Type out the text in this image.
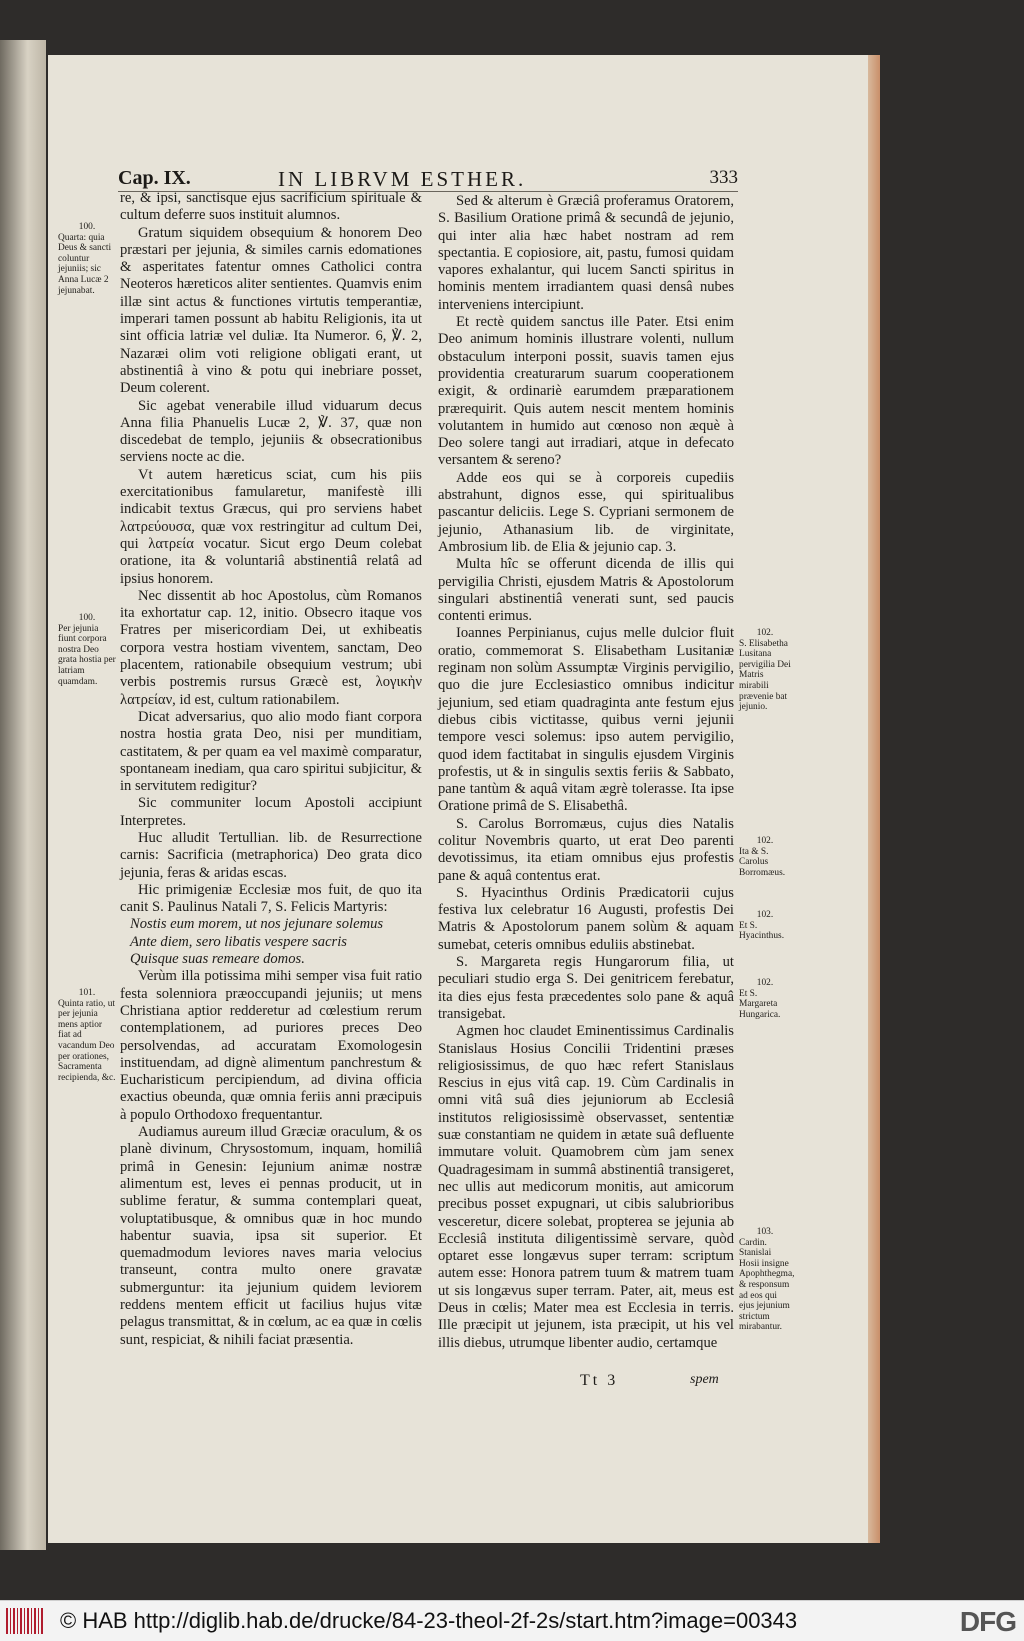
Cap. IX.	IN LIBRVM ESTHER.	333

re, & ipsi, sanctisque ejus sacrificium spirituale & cultum deferre suos instituit alumnos.

Gratum siquidem obsequium & honorem Deo præstari per jejunia, & similes carnis edomationes & asperitates fatentur omnes Catholici contra Neoteros hæreticos aliter sentientes. Quamvis enim illæ sint actus & functiones virtutis temperantiæ, imperari tamen possunt ab habitu Religionis, ita ut sint officia latriæ vel duliæ. Ita Numeror. 6, ℣. 2, Nazaræi olim voti religione obligati erant, ut abstinentiâ à vino & potu qui inebriare posset, Deum colerent.

Sic agebat venerabile illud viduarum decus Anna filia Phanuelis Lucæ 2, ℣. 37, quæ non discedebat de templo, jejuniis & obsecrationibus serviens nocte ac die.

Vt autem hæreticus sciat, cum his piis exercitationibus famularetur, manifestè illi indicabit textus Græcus, qui pro serviens habet λατρεύουσα, quæ vox restringitur ad cultum Dei, qui λατρεία vocatur. Sicut ergo Deum colebat oratione, ita & voluntariâ abstinentiâ relatâ ad ipsius honorem.

Nec dissentit ab hoc Apostolus, cùm Romanos ita exhortatur cap. 12, initio. Obsecro itaque vos Fratres per misericordiam Dei, ut exhibeatis corpora vestra hostiam viventem, sanctam, Deo placentem, rationabile obsequium vestrum; ubi verbis postremis rursus Græcè est, λογικὴν λατρείαν, id est, cultum rationabilem.

Dicat adversarius, quo alio modo fiant corpora nostra hostia grata Deo, nisi per munditiam, castitatem, & per quam ea vel maximè comparatur, spontaneam inediam, qua caro spiritui subjicitur, & in servitutem redigitur?

Sic communiter locum Apostoli accipiunt Interpretes.

Huc alludit Tertullian. lib. de Resurrectione carnis: Sacrificia (metraphorica) Deo grata dico jejunia, feras & aridas escas.

Hic primigeniæ Ecclesiæ mos fuit, de quo ita canit S. Paulinus Natali 7, S. Felicis Martyris:

Nostis eum morem, ut nos jejunare solemus

Ante diem, sero libatis vespere sacris

Quisque suas remeare domos.

Verùm illa potissima mihi semper visa fuit ratio festa solenniora præoccupandi jejuniis; ut mens Christiana aptior redderetur ad cœlestium rerum contemplationem, ad puriores preces Deo persolvendas, ad accuratam Exomologesin instituendam, ad dignè alimentum panchrestum & Eucharisticum percipiendum, ad divina officia exactius obeunda, quæ omnia feriis anni præcipuis à populo Orthodoxo frequentantur.

Audiamus aureum illud Græciæ oraculum, & os planè divinum, Chrysostomum, inquam, homiliâ primâ in Genesin: Iejunium animæ nostræ alimentum est, leves ei pennas producit, ut in sublime feratur, & summa contemplari queat, voluptatibusque, & omnibus quæ in hoc mundo habentur suavia, ipsa sit superior. Et quemadmodum leviores naves maria velocius transeunt, contra multo onere gravatæ submerguntur: ita jejunium quidem leviorem reddens mentem efficit ut facilius hujus vitæ pelagus transmittat, & in cœlum, ac ea quæ in cœlis sunt, respiciat, & nihili faciat præsentia.

Sed & alterum è Græciâ proferamus Oratorem, S. Basilium Oratione primâ & secundâ de jejunio, qui inter alia hæc habet nostram ad rem spectantia. E copiosiore, ait, pastu, fumosi quidam vapores exhalantur, qui lucem Sancti spiritus in hominis mentem irradiantem quasi densâ nubes interveniens intercipiunt.

Et rectè quidem sanctus ille Pater. Etsi enim Deo animum hominis illustrare volenti, nullum obstaculum interponi possit, suavis tamen ejus providentia creaturarum suarum cooperationem exigit, & ordinariè earumdem præparationem prærequirit. Quis autem nescit mentem hominis volutantem in humido aut cœnoso non æquè à Deo solere tangi aut irradiari, atque in defecato versantem & sereno?

Adde eos qui se à corporeis cupediis abstrahunt, dignos esse, qui spiritualibus pascantur deliciis. Lege S. Cypriani sermonem de jejunio, Athanasium lib. de virginitate, Ambrosium lib. de Elia & jejunio cap. 3.

Multa hîc se offerunt dicenda de illis qui pervigilia Christi, ejusdem Matris & Apostolorum singulari abstinentiâ venerati sunt, sed paucis contenti erimus.

Ioannes Perpinianus, cujus melle dulcior fluit oratio, commemorat S. Elisabetham Lusitaniæ reginam non solùm Assumptæ Virginis pervigilio, quo die jure Ecclesiastico omnibus indicitur jejunium, sed etiam quadraginta ante festum ejus diebus cibis victitasse, quibus verni jejunii tempore vesci solemus: ipso autem pervigilio, quod idem factitabat in singulis ejusdem Virginis profestis, ut & in singulis sextis feriis & Sabbato, pane tantùm & aquâ vitam ægrè tolerasse. Ita ipse Oratione primâ de S. Elisabethâ.

S. Carolus Borromæus, cujus dies Natalis colitur Novembris quarto, ut erat Deo parenti devotissimus, ita etiam omnibus ejus profestis pane & aquâ contentus erat.

S. Hyacinthus Ordinis Prædicatorii cujus festiva lux celebratur 16 Augusti, profestis Dei Matris & Apostolorum panem solùm & aquam sumebat, ceteris omnibus eduliis abstinebat.

S. Margareta regis Hungarorum filia, ut peculiari studio erga S. Dei genitricem ferebatur, ita dies ejus festa præcedentes solo pane & aquâ transigebat.

Agmen hoc claudet Eminentissimus Cardinalis Stanislaus Hosius Concilii Tridentini præses religiosissimus, de quo hæc refert Stanislaus Rescius in ejus vitâ cap. 19. Cùm Cardinalis in omni vitâ suâ dies jejuniorum ab Ecclesiâ institutos religiosissimè observasset, sententiæ suæ constantiam ne quidem in ætate suâ defluente immutare voluit. Quamobrem cùm jam senex Quadragesimam in summâ abstinentiâ transigeret, nec ullis aut medicorum monitis, aut amicorum precibus posset expugnari, ut cibis salubrioribus vesceretur, dicere solebat, propterea se jejunia ab Ecclesiâ instituta diligentissimè servare, quòd optaret esse longævus super terram: scriptum autem esse: Honora patrem tuum & matrem tuam ut sis longævus super terram. Pater, ait, meus est Deus in cœlis; Mater mea est Ecclesia in terris. Ille præcipit ut jejunem, ista præcipit, ut his vel illis diebus, utrumque libenter audio, certamque

100.
Quarta: quia Deus & sancti coluntur jejuniis; sic Anna Lucæ 2 jejunabat.
100.
Per jejunia fiunt corpora nostra Deo grata hostia per latriam quamdam.
101.
Quinta ratio, ut per jejunia mens aptior fiat ad vacandum Deo per orationes, Sacramenta recipienda, &c.
102.
S. Elisabetha Lusitana pervigilia Dei Matris mirabili prævenie bat jejunio.
102.
Ita & S. Carolus Borromæus.
102.
Et S. Hyacinthus.
102.
Et S. Margareta Hungarica.
103.
Cardin. Stanislai Hosii insigne Apophthegma, & responsum ad eos qui ejus jejunium strictum mirabantur.
Tt 3	spem
© HAB http://diglib.hab.de/drucke/84-23-theol-2f-2s/start.htm?image=00343	DFG
